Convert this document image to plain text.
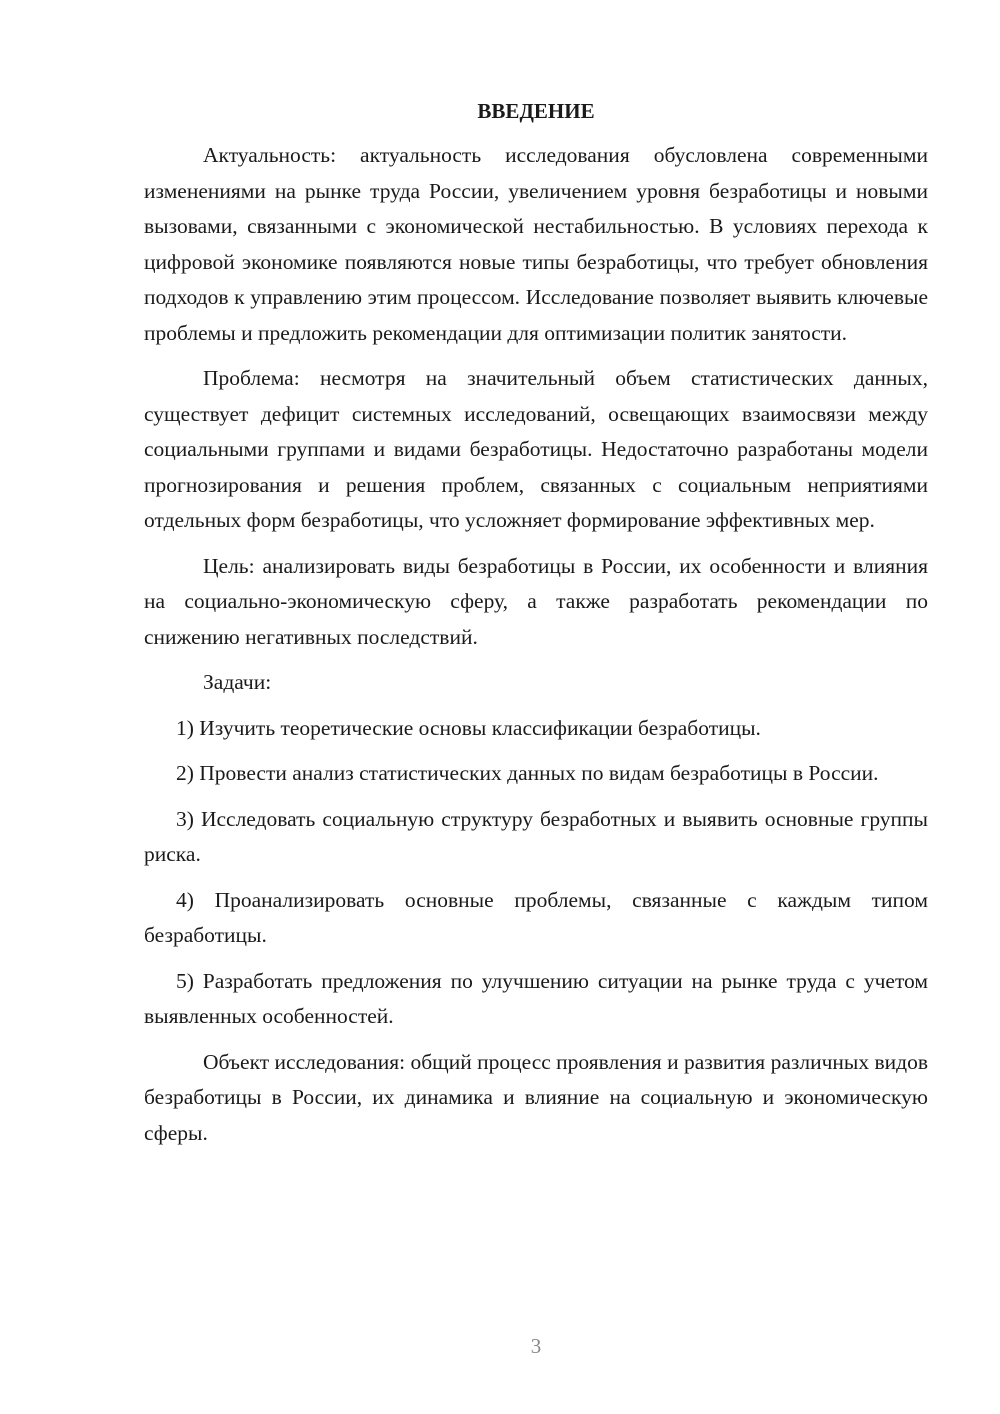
ВВЕДЕНИЕ

Актуальность: актуальность исследования обусловлена современными изменениями на рынке труда России, увеличением уровня безработицы и новыми вызовами, связанными с экономической нестабильностью. В условиях перехода к цифровой экономике появляются новые типы безработицы, что требует обновления подходов к управлению этим процессом. Исследование позволяет выявить ключевые проблемы и предложить рекомендации для оптимизации политик занятости.

Проблема: несмотря на значительный объем статистических данных, существует дефицит системных исследований, освещающих взаимосвязи между социальными группами и видами безработицы. Недостаточно разработаны модели прогнозирования и решения проблем, связанных с социальным неприятиями отдельных форм безработицы, что усложняет формирование эффективных мер.

Цель: анализировать виды безработицы в России, их особенности и влияния на социально-экономическую сферу, а также разработать рекомендации по снижению негативных последствий.

Задачи:

1) Изучить теоретические основы классификации безработицы.

2) Провести анализ статистических данных по видам безработицы в России.

3) Исследовать социальную структуру безработных и выявить основные группы риска.

4) Проанализировать основные проблемы, связанные с каждым типом безработицы.

5) Разработать предложения по улучшению ситуации на рынке труда с учетом выявленных особенностей.

Объект исследования: общий процесс проявления и развития различных видов безработицы в России, их динамика и влияние на социальную и экономическую сферы.

3
